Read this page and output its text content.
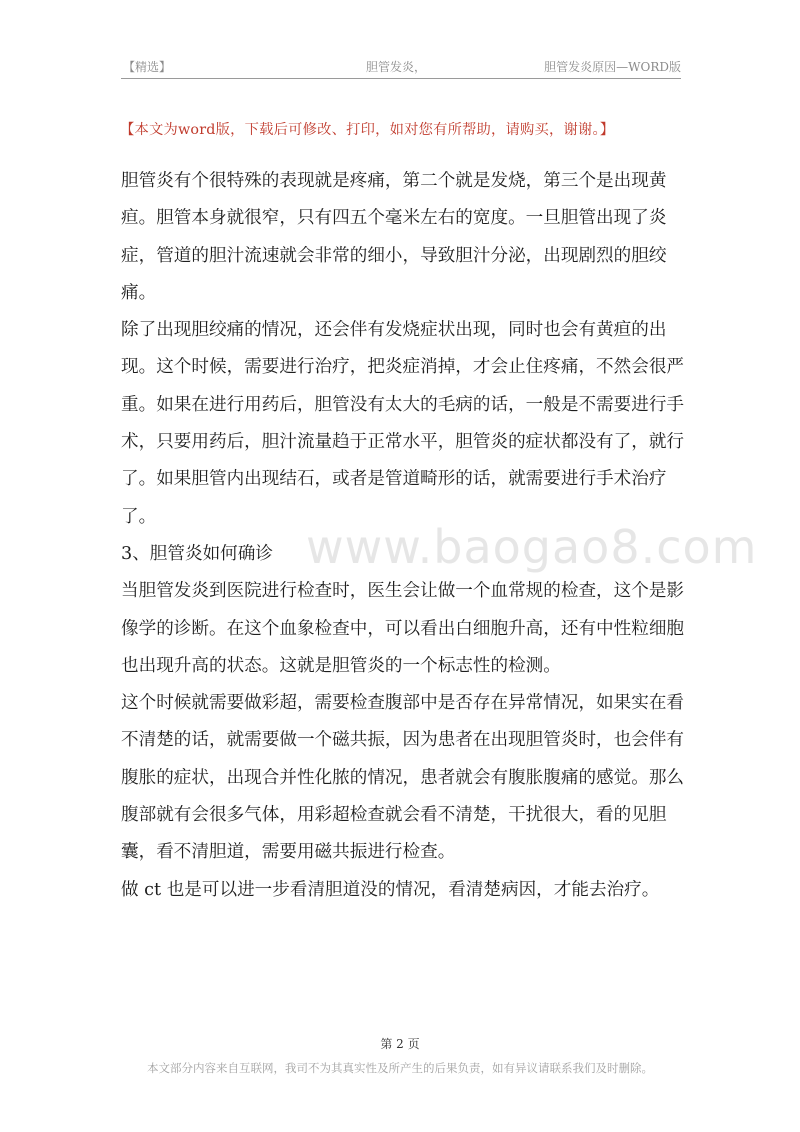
【精选】	胆管发炎，	胆管发炎原因—WORD版
【本文为word版，下载后可修改、打印，如对您有所帮助，请购买，谢谢。】
www.baogao8.com

胆管炎有个很特殊的表现就是疼痛，第二个就是发烧，第三个是出现黄疸。胆管本身就很窄，只有四五个毫米左右的宽度。一旦胆管出现了炎症，管道的胆汁流速就会非常的细小，导致胆汁分泌，出现剧烈的胆绞痛。

除了出现胆绞痛的情况，还会伴有发烧症状出现，同时也会有黄疸的出现。这个时候，需要进行治疗，把炎症消掉，才会止住疼痛，不然会很严重。如果在进行用药后，胆管没有太大的毛病的话，一般是不需要进行手术，只要用药后，胆汁流量趋于正常水平，胆管炎的症状都没有了，就行了。如果胆管内出现结石，或者是管道畸形的话，就需要进行手术治疗了。

3、胆管炎如何确诊

当胆管发炎到医院进行检查时，医生会让做一个血常规的检查，这个是影像学的诊断。在这个血象检查中，可以看出白细胞升高，还有中性粒细胞也出现升高的状态。这就是胆管炎的一个标志性的检测。

这个时候就需要做彩超，需要检查腹部中是否存在异常情况，如果实在看不清楚的话，就需要做一个磁共振，因为患者在出现胆管炎时，也会伴有腹胀的症状，出现合并性化脓的情况，患者就会有腹胀腹痛的感觉。那么腹部就有会很多气体，用彩超检查就会看不清楚，干扰很大，看的见胆囊，看不清胆道，需要用磁共振进行检查。

做 ct 也是可以进一步看清胆道没的情况，看清楚病因，才能去治疗。

第 2 页
本文部分内容来自互联网，我司不为其真实性及所产生的后果负责，如有异议请联系我们及时删除。
